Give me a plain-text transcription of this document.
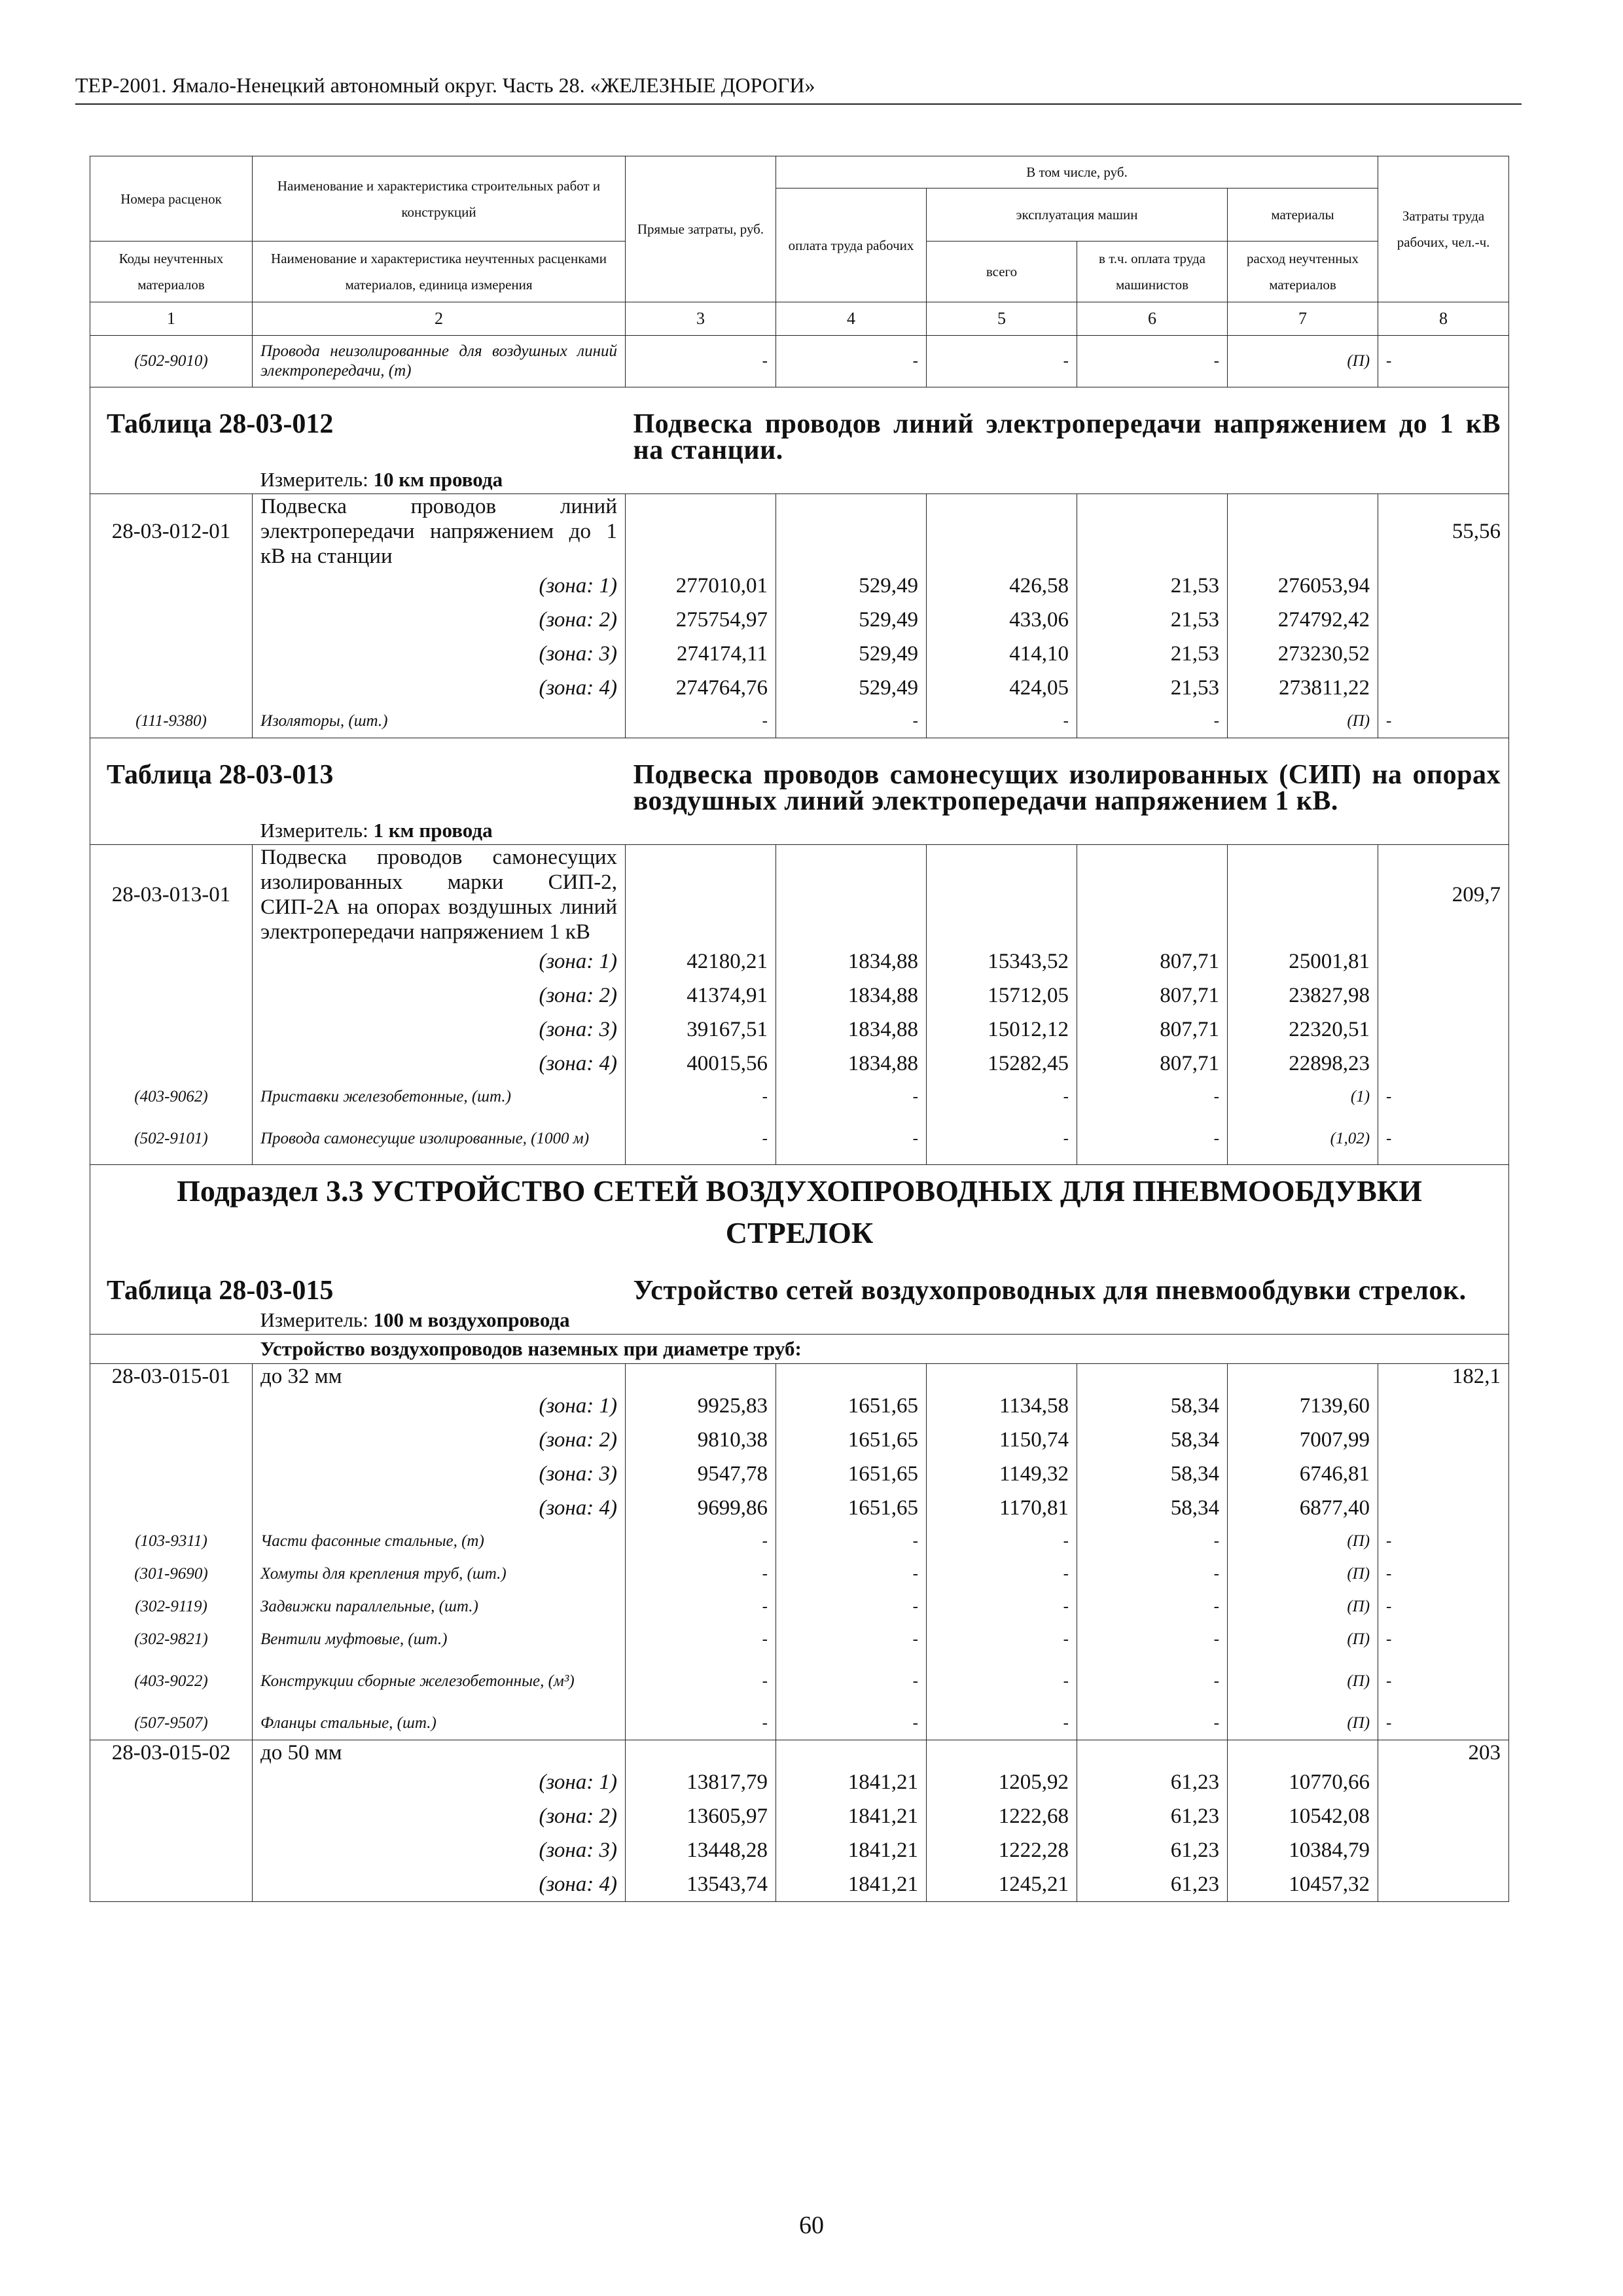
ТЕР-2001. Ямало-Ненецкий автономный округ. Часть 28. «ЖЕЛЕЗНЫЕ ДОРОГИ»
Номера расценок	Наименование и характеристика строительных работ и конструкций	Прямые затраты, руб.	В том числе, руб.				Затраты труда рабочих, чел.-ч.
			оплата труда рабочих	эксплуатация машин		материалы	
Коды неучтенных материалов	Наименование и характеристика неучтенных расценками материалов, единица измерения			всего	в т.ч. оплата труда машинистов	расход неучтенных материалов	
1	2	3	4	5	6	7	8
(502-9010)	Провода неизолированные для воздушных линий электропередачи, (т)	-	-	-	-	(П)	-
Таблица 28-03-012		Подвеска проводов линий электропередачи напряжением до 1 кВ на станции.					
	Измеритель: 10 км провода						
28-03-012-01	Подвеска проводов линий электропередачи напряжением до 1 кВ на станции						55,56
	(зона: 1)	277010,01	529,49	426,58	21,53	276053,94	
	(зона: 2)	275754,97	529,49	433,06	21,53	274792,42	
	(зона: 3)	274174,11	529,49	414,10	21,53	273230,52	
	(зона: 4)	274764,76	529,49	424,05	21,53	273811,22	
(111-9380)	Изоляторы, (шт.)	-	-	-	-	(П)	-
Таблица 28-03-013		Подвеска проводов самонесущих изолированных (СИП) на опорах воздушных линий электропередачи напряжением 1 кВ.					
	Измеритель: 1 км провода						
28-03-013-01	Подвеска проводов самонесущих изолированных марки СИП-2, СИП-2А на опорах воздушных линий электропередачи напряжением 1 кВ						209,7
	(зона: 1)	42180,21	1834,88	15343,52	807,71	25001,81	
	(зона: 2)	41374,91	1834,88	15712,05	807,71	23827,98	
	(зона: 3)	39167,51	1834,88	15012,12	807,71	22320,51	
	(зона: 4)	40015,56	1834,88	15282,45	807,71	22898,23	
(403-9062)	Приставки железобетонные, (шт.)	-	-	-	-	(1)	-
(502-9101)	Провода самонесущие изолированные, (1000 м)	-	-	-	-	(1,02)	-

Подраздел 3.3 УСТРОЙСТВО СЕТЕЙ ВОЗДУХОПРОВОДНЫХ ДЛЯ ПНЕВМООБДУВКИ
СТРЕЛОК							

Таблица 28-03-015		Устройство сетей воздухопроводных для пневмообдувки стрелок.					
	Измеритель: 100 м воздухопровода						
	Устройство воздухопроводов наземных при диаметре труб:						
28-03-015-01	до 32 мм						182,1
	(зона: 1)	9925,83	1651,65	1134,58	58,34	7139,60	
	(зона: 2)	9810,38	1651,65	1150,74	58,34	7007,99	
	(зона: 3)	9547,78	1651,65	1149,32	58,34	6746,81	
	(зона: 4)	9699,86	1651,65	1170,81	58,34	6877,40	
(103-9311)	Части фасонные стальные, (т)	-	-	-	-	(П)	-
(301-9690)	Хомуты для крепления труб, (шт.)	-	-	-	-	(П)	-
(302-9119)	Задвижки параллельные, (шт.)	-	-	-	-	(П)	-
(302-9821)	Вентили муфтовые, (шт.)	-	-	-	-	(П)	-
(403-9022)	Конструкции сборные железобетонные, (м³)	-	-	-	-	(П)	-
(507-9507)	Фланцы стальные, (шт.)	-	-	-	-	(П)	-
28-03-015-02	до 50 мм						203
	(зона: 1)	13817,79	1841,21	1205,92	61,23	10770,66	
	(зона: 2)	13605,97	1841,21	1222,68	61,23	10542,08	
	(зона: 3)	13448,28	1841,21	1222,28	61,23	10384,79	
	(зона: 4)	13543,74	1841,21	1245,21	61,23	10457,32	
60
